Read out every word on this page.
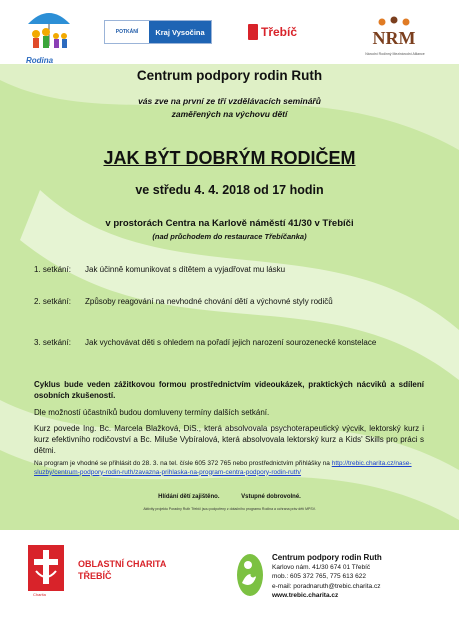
Rodina
POTKÁNÍ	Kraj Vysočina	Třebíč	NRM
Národní Rodinný Mezinárodní Alliance
Centrum podpory rodin Ruth
vás zve na první ze tří vzdělávacích seminářů
zaměřených na výchovu dětí
JAK BÝT DOBRÝM RODIČEM
ve středu 4. 4. 2018 od 17 hodin
v prostorách Centra na Karlově náměstí 41/30 v Třebíči
(nad průchodem do restaurace Třebíčanka)
1. setkání:	Jak účinně komunikovat s dítětem a vyjadřovat mu lásku
2. setkání:	Způsoby reagování na nevhodné chování dětí a výchovné styly rodičů
3. setkání:	Jak vychovávat děti s ohledem na pořadí jejich narození sourozenecké konstelace
Cyklus bude veden zážitkovou formou prostřednictvím videoukázek, praktických nácviků a sdílení osobních zkušeností.
Dle možností účastníků budou domluveny termíny dalších setkání.
Kurz povede Ing. Bc. Marcela Blažková, DiS., která absolvovala psychoterapeutický výcvik, lektorský kurz i kurz efektivního rodičovství a Bc. Miluše Vybíralová, která absolvovala lektorský kurz a Kids' Skills pro práci s dětmi.
Na program je vhodné se přihlásit do 28. 3. na tel. čísle 605 372 765 nebo prostřednictvím přihlášky na http://trebic.charita.cz/nase-sluzby/centrum-podpory-rodin-ruth/zavazna-prihlaska-na-program-centra-podpory-rodin-ruth/
Hlídání dětí zajištěno.	Vstupné dobrovolné.
Aktivity projektu Poradny Ruth Třebíč jsou podpořeny z dotačního programu Rodina a ochrana práv dětí MPSV.
Charita
OBLASTNÍ CHARITA
TŘEBÍČ
Centrum podpory rodin Ruth
Karlovo nám. 41/30 674 01 Třebíč
mob.: 605 372 765, 775 613 622
e-mail: poradnaruth@trebic.charita.cz
www.trebic.charita.cz
